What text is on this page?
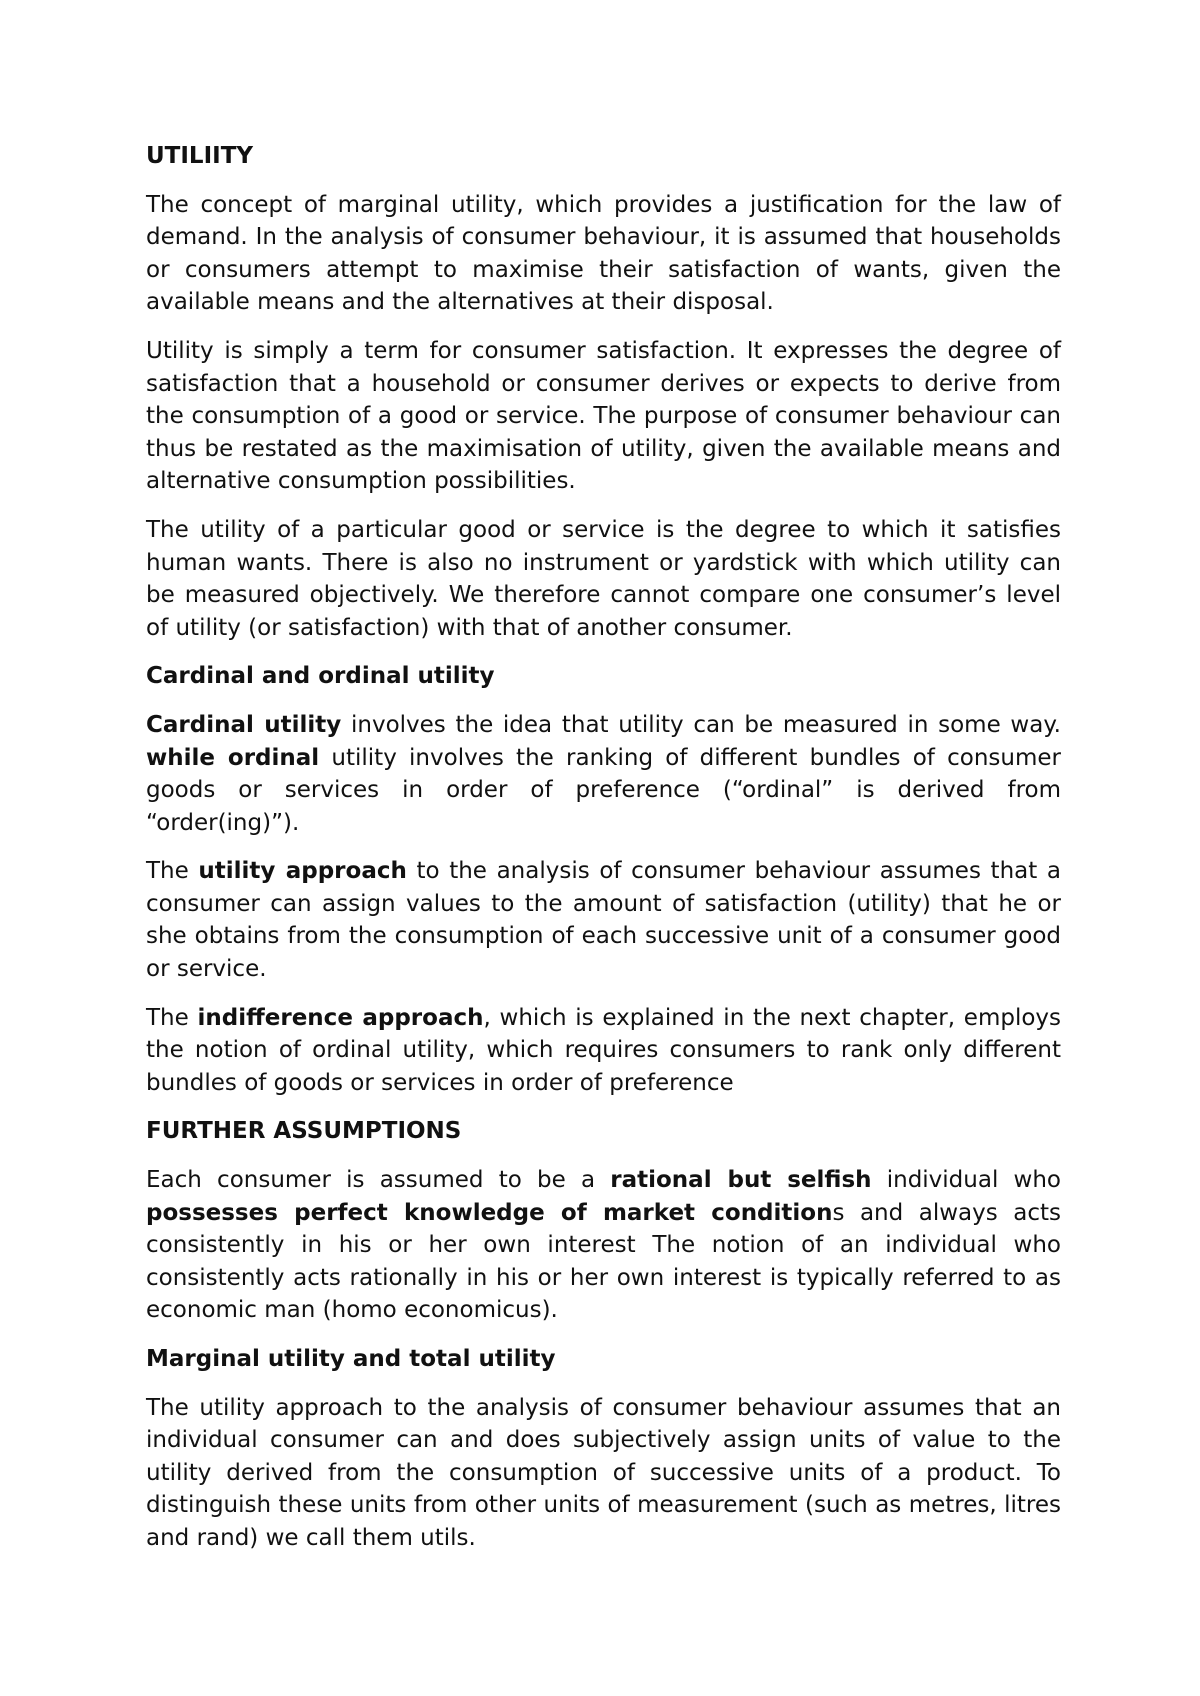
UTILIITY

The concept of marginal utility, which provides a justification for the law of demand. In the analysis of consumer behaviour, it is assumed that households or consumers attempt to maximise their satisfaction of wants, given the available means and the alternatives at their disposal.

Utility is simply a term for consumer satisfaction. It expresses the degree of satisfaction that a household or consumer derives or expects to derive from the consumption of a good or service. The purpose of consumer behaviour can thus be restated as the maximisation of utility, given the available means and alternative consumption possibilities.

The utility of a particular good or service is the degree to which it satisfies human wants. There is also no instrument or yardstick with which utility can be measured objectively. We therefore cannot compare one consumer’s level of utility (or satisfaction) with that of another consumer.

Cardinal and ordinal utility

Cardinal utility involves the idea that utility can be measured in some way. while ordinal utility involves the ranking of different bundles of consumer goods or services in order of preference (“ordinal” is derived from “order(ing)”).

The utility approach to the analysis of consumer behaviour assumes that a consumer can assign values to the amount of satisfaction (utility) that he or she obtains from the consumption of each successive unit of a consumer good or service.

The indifference approach, which is explained in the next chapter, employs the notion of ordinal utility, which requires consumers to rank only different bundles of goods or services in order of preference

FURTHER ASSUMPTIONS

Each consumer is assumed to be a rational but selfish individual who possesses perfect knowledge of market conditions and always acts consistently in his or her own interest The notion of an individual who consistently acts rationally in his or her own interest is typically referred to as economic man (homo economicus).

Marginal utility and total utility

The utility approach to the analysis of consumer behaviour assumes that an individual consumer can and does subjectively assign units of value to the utility derived from the consumption of successive units of a product. To distinguish these units from other units of measurement (such as metres, litres and rand) we call them utils.
